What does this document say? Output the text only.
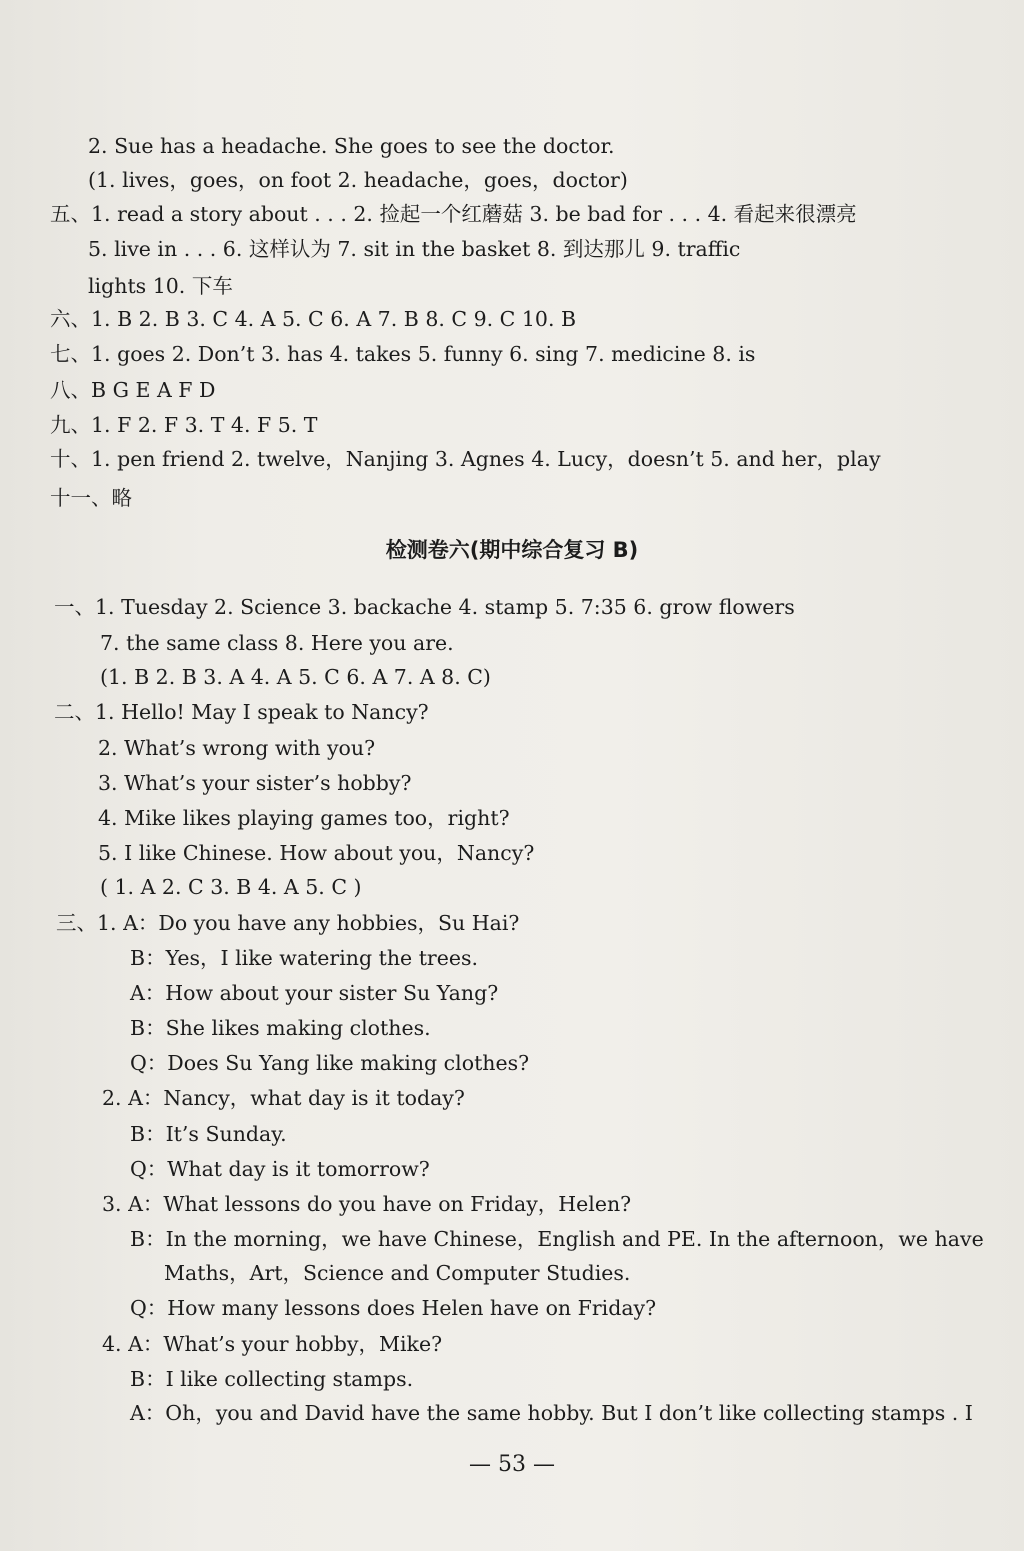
2. Sue has a headache. She goes to see the doctor.
(1. lives，goes，on foot 2. headache，goes，doctor)
五、1. read a story about . . . 2. 捡起一个红蘑菇 3. be bad for . . . 4. 看起来很漂亮
5. live in . . . 6. 这样认为 7. sit in the basket 8. 到达那儿 9. traffic
lights 10. 下车
六、1. B 2. B 3. C 4. A 5. C 6. A 7. B 8. C 9. C 10. B
七、1. goes 2. Don’t 3. has 4. takes 5. funny 6. sing 7. medicine 8. is
八、B G E A F D
九、1. F 2. F 3. T 4. F 5. T
十、1. pen friend 2. twelve，Nanjing 3. Agnes 4. Lucy，doesn’t 5. and her，play
十一、略
检测卷六(期中综合复习 B)
一、1. Tuesday 2. Science 3. backache 4. stamp 5. 7:35 6. grow flowers
7. the same class 8. Here you are.
(1. B 2. B 3. A 4. A 5. C 6. A 7. A 8. C)
二、1. Hello! May I speak to Nancy?
2. What’s wrong with you?
3. What’s your sister’s hobby?
4. Mike likes playing games too，right?
5. I like Chinese. How about you，Nancy?
( 1. A 2. C 3. B 4. A 5. C )
三、1. A：Do you have any hobbies，Su Hai?
B：Yes，I like watering the trees.
A：How about your sister Su Yang?
B：She likes making clothes.
Q：Does Su Yang like making clothes?
2. A：Nancy，what day is it today?
B：It’s Sunday.
Q：What day is it tomorrow?
3. A：What lessons do you have on Friday，Helen?
B：In the morning，we have Chinese，English and PE. In the afternoon，we have
Maths，Art，Science and Computer Studies.
Q：How many lessons does Helen have on Friday?
4. A：What’s your hobby，Mike?
B：I like collecting stamps.
A：Oh，you and David have the same hobby. But I don’t like collecting stamps . I
— 53 —
